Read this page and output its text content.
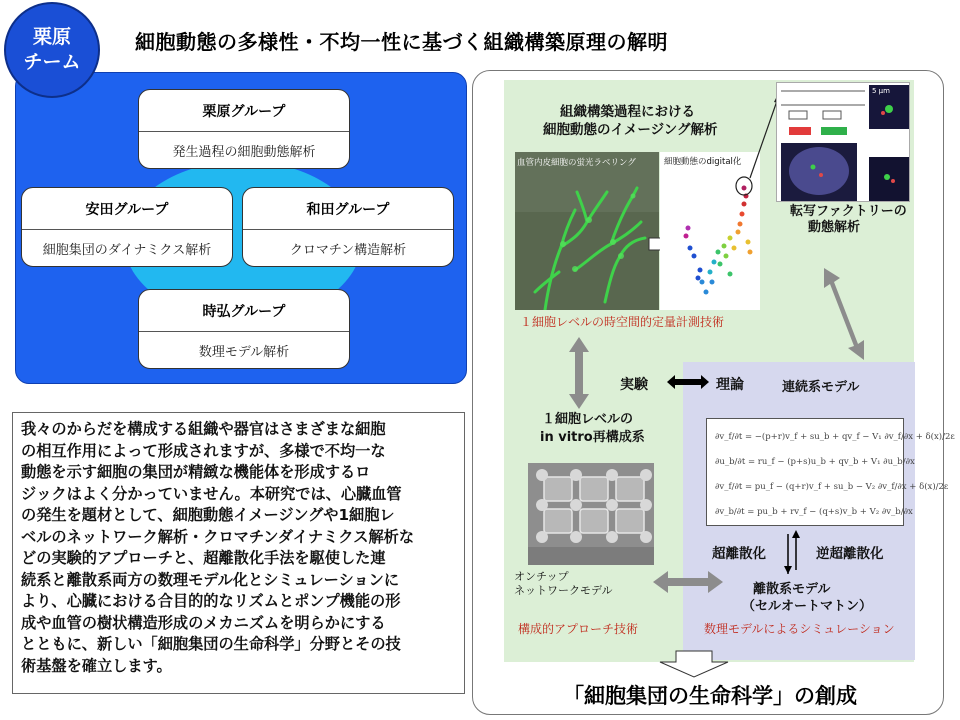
栗原
チーム
細胞動態の多様性・不均一性に基づく組織構築原理の解明
栗原グループ
発生過程の細胞動態解析
安田グループ
細胞集団のダイナミクス解析
和田グループ
クロマチン構造解析
時弘グループ
数理モデル解析
我々のからだを構成する組織や器官はさまざまな細胞
の相互作用によって形成されますが、多様で不均一な
動態を示す細胞の集団が精緻な機能体を形成するロ
ジックはよく分かっていません。本研究では、心臓血管
の発生を題材として、細胞動態イメージングや1細胞レ
ベルのネットワーク解析・クロマチンダイナミクス解析な
どの実験的アプローチと、超離散化手法を駆使した連
続系と離散系両方の数理モデル化とシミュレーションに
より、心臓における合目的的なリズムとポンプ機能の形
成や血管の樹状構造形成のメカニズムを明らかにする
とともに、新しい「細胞集団の生命科学」分野とその技
術基盤を確立します。
組織構築過程における
細胞動態のイメージング解析
血管内皮細胞の蛍光ラベリング	細胞動態のdigital化
5 μm
転写ファクトリーの
動態解析
１細胞レベルの時空間的定量計測技術
実験	理論	連続系モデル
１細胞レベルの
in vitro再構成系	∂v_f/∂t = −(p+r)v_f + su_b + qv_f − V₁ ∂v_f/∂x + δ(x)/2ε
∂u_b/∂t = ru_f − (p+s)u_b + qv_b + V₁ ∂u_b/∂x
∂v_f/∂t = pu_f − (q+r)v_f + su_b − V₂ ∂v_f/∂x + δ(x)/2ε
∂v_b/∂t = pu_b + rv_f − (q+s)v_b + V₂ ∂v_b/∂x
オンチップ
ネットワークモデル
超離散化	逆超離散化
離散系モデル
（セルオートマトン）
構成的アプローチ技術	数理モデルによるシミュレーション
「細胞集団の生命科学」の創成
